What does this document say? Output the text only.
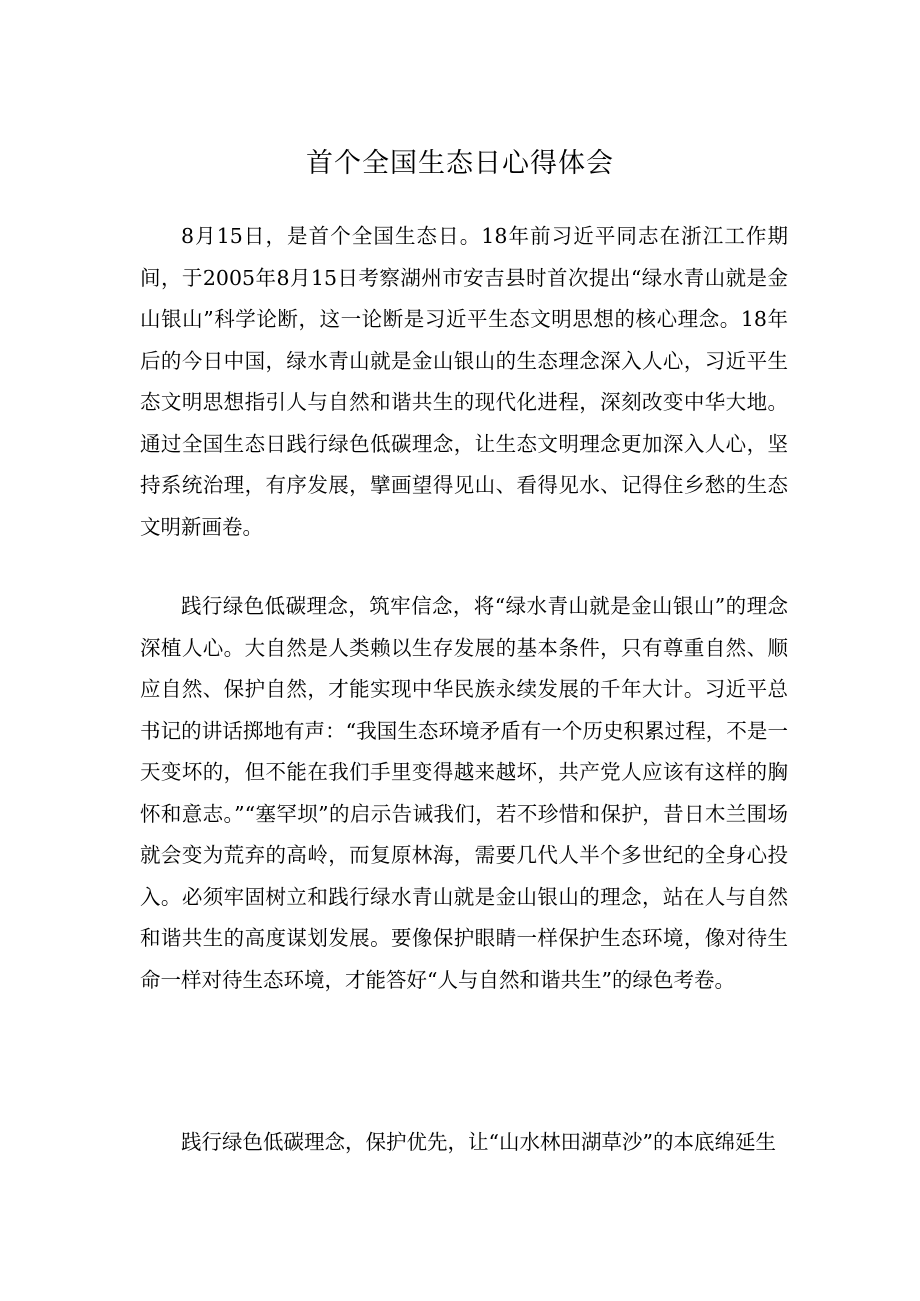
首个全国生态日心得体会

8月15日，是首个全国生态日。18年前习近平同志在浙江工作期间，于2005年8月15日考察湖州市安吉县时首次提出“绿水青山就是金山银山”科学论断，这一论断是习近平生态文明思想的核心理念。18年后的今日中国，绿水青山就是金山银山的生态理念深入人心，习近平生态文明思想指引人与自然和谐共生的现代化进程，深刻改变中华大地。通过全国生态日践行绿色低碳理念，让生态文明理念更加深入人心，坚持系统治理，有序发展，擘画望得见山、看得见水、记得住乡愁的生态文明新画卷。

践行绿色低碳理念，筑牢信念，将“绿水青山就是金山银山”的理念深植人心。大自然是人类赖以生存发展的基本条件，只有尊重自然、顺应自然、保护自然，才能实现中华民族永续发展的千年大计。习近平总书记的讲话掷地有声：“我国生态环境矛盾有一个历史积累过程，不是一天变坏的，但不能在我们手里变得越来越坏，共产党人应该有这样的胸怀和意志。”“塞罕坝”的启示告诫我们，若不珍惜和保护，昔日木兰围场就会变为荒弃的高岭，而复原林海，需要几代人半个多世纪的全身心投入。必须牢固树立和践行绿水青山就是金山银山的理念，站在人与自然和谐共生的高度谋划发展。要像保护眼睛一样保护生态环境，像对待生命一样对待生态环境，才能答好“人与自然和谐共生”的绿色考卷。

践行绿色低碳理念，保护优先，让“山水林田湖草沙”的本底绵延生
